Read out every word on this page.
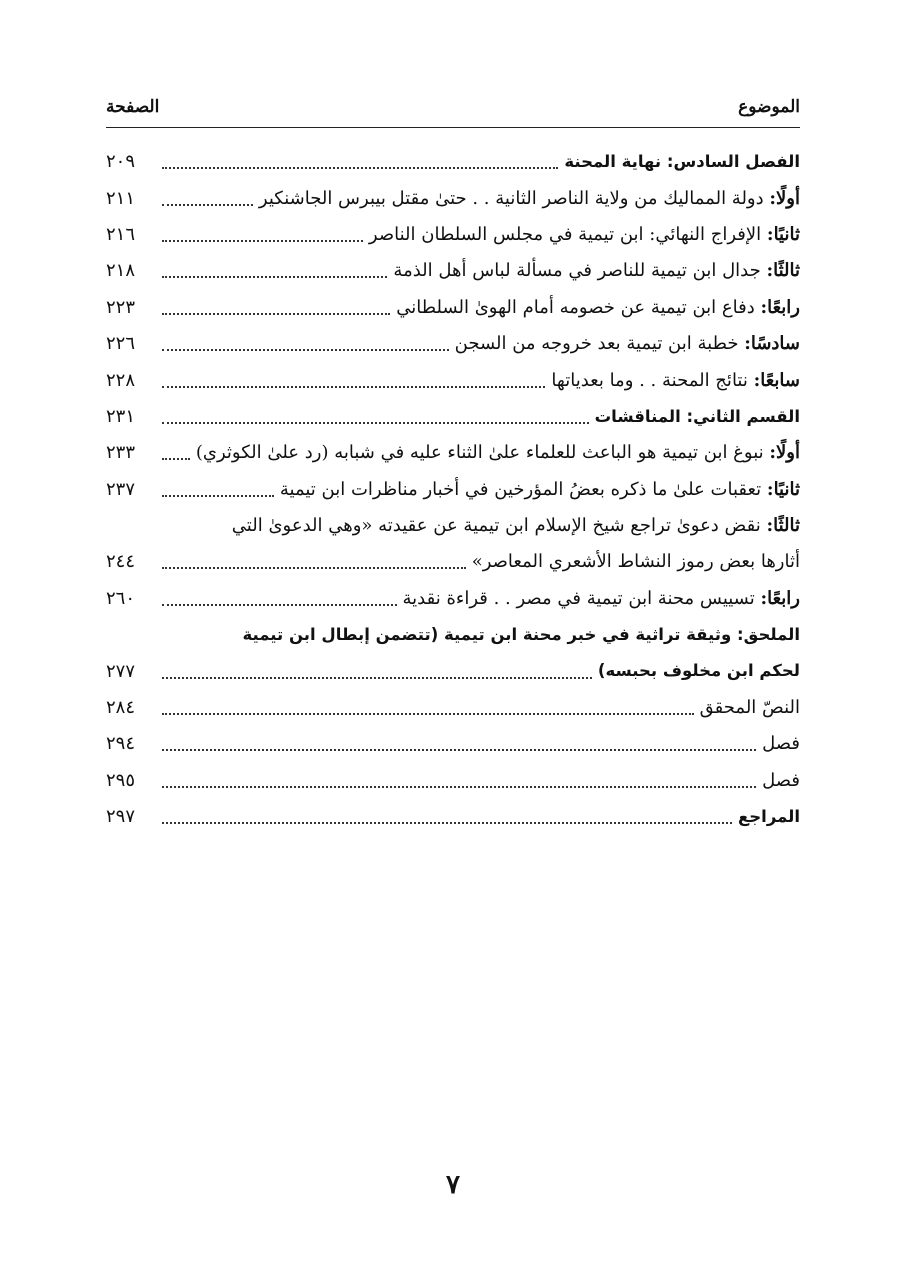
الموضوع
الصفحة
الفصل السادس: نهاية المحنة
٢٠٩
أولًا: دولة المماليك من ولاية الناصر الثانية . . حتىٰ مقتل بيبرس الجاشنكير
٢١١
ثانيًا: الإفراج النهائي: ابن تيمية في مجلس السلطان الناصر
٢١٦
ثالثًا: جدال ابن تيمية للناصر في مسألة لباس أهل الذمة
٢١٨
رابعًا: دفاع ابن تيمية عن خصومه أمام الهوىٰ السلطاني
٢٢٣
سادسًا: خطبة ابن تيمية بعد خروجه من السجن
٢٢٦
سابعًا: نتائج المحنة . . وما بعدياتها
٢٢٨
القسم الثاني: المناقشات
٢٣١
أولًا: نبوغ ابن تيمية هو الباعث للعلماء علىٰ الثناء عليه في شبابه (رد علىٰ الكوثري)
٢٣٣
ثانيًا: تعقبات علىٰ ما ذكره بعضُ المؤرخين في أخبار مناظرات ابن تيمية
٢٣٧
ثالثًا: نقض دعوىٰ تراجع شيخ الإسلام ابن تيمية عن عقيدته «وهي الدعوىٰ التي
أثارها بعض رموز النشاط الأشعري المعاصر»
٢٤٤
رابعًا: تسييس محنة ابن تيمية في مصر . . قراءة نقدية
٢٦٠
الملحق: وثيقة تراثية في خبر محنة ابن تيمية (تتضمن إبطال ابن تيمية
لحكم ابن مخلوف بحبسه)
٢٧٧
النصّ المحقق
٢٨٤
فصل
٢٩٤
فصل
٢٩٥
المراجع
٢٩٧
٧
